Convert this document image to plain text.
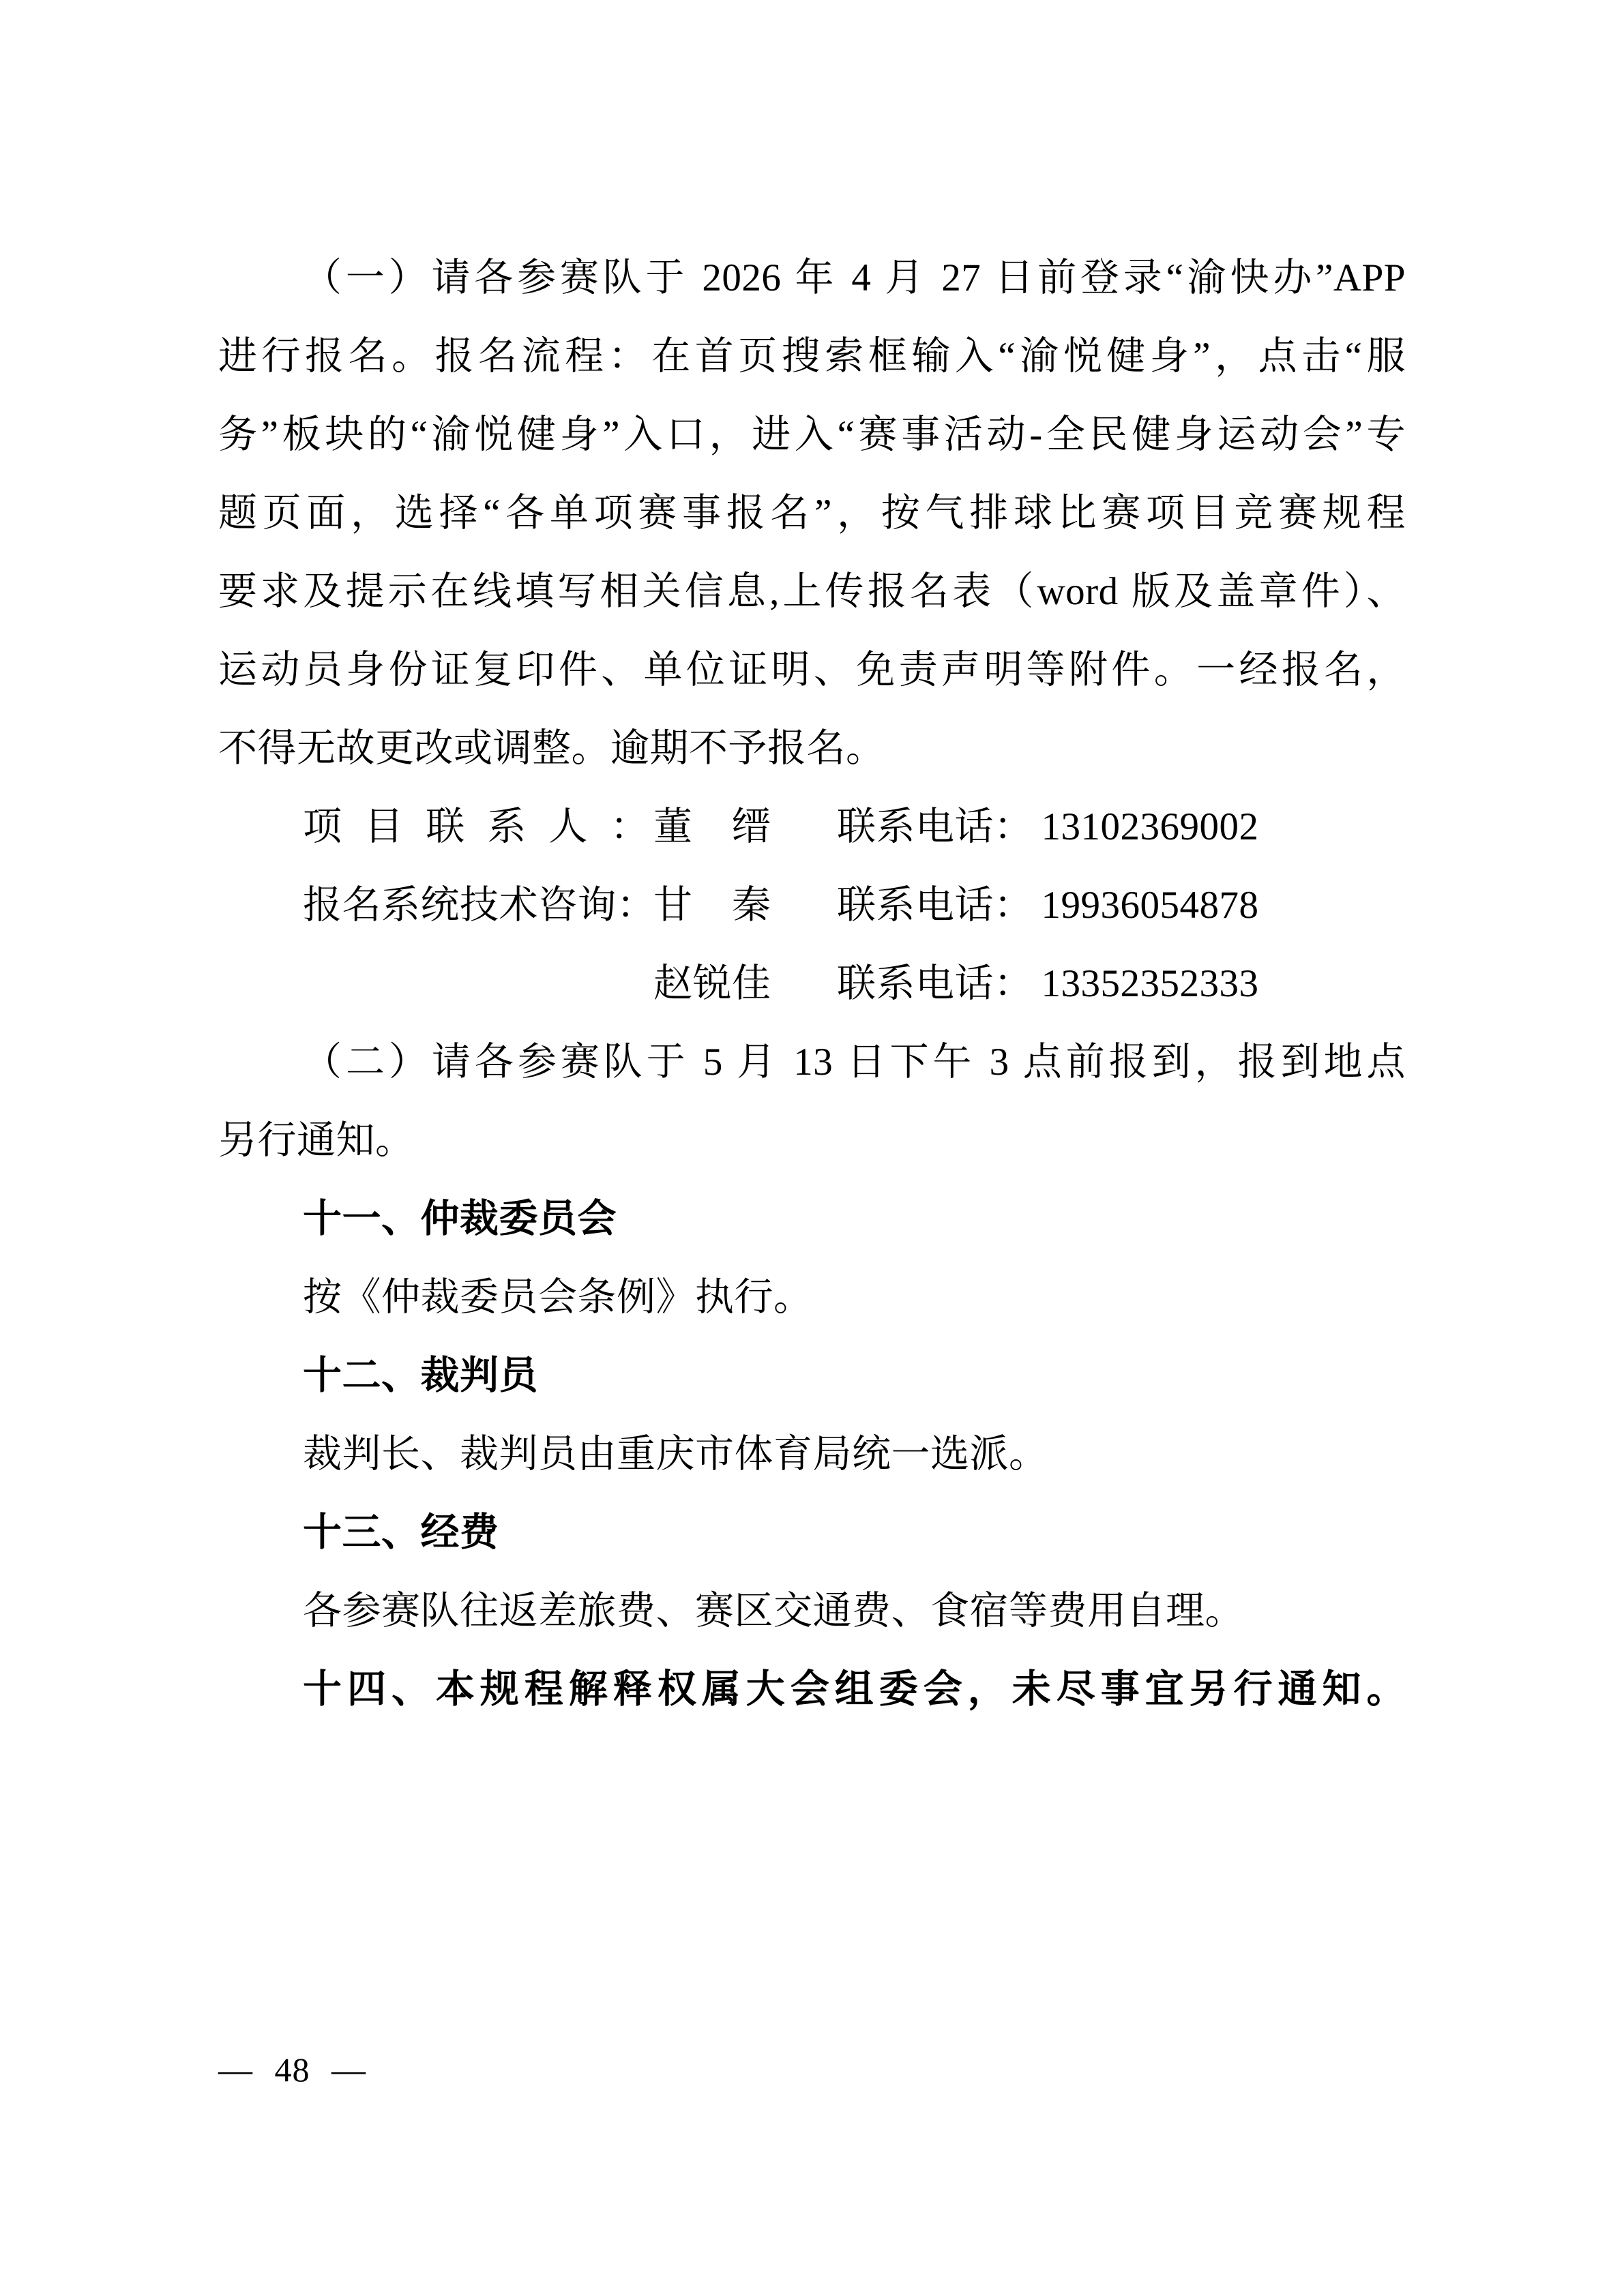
（一）请各参赛队于 2026 年 4 月 27 日前登录“渝快办”APP
进行报名。报名流程：在首页搜索框输入“渝悦健身”，点击“服
务”板块的“渝悦健身”入口，进入“赛事活动-全民健身运动会”专
题页面，选择“各单项赛事报名”，按气排球比赛项目竞赛规程
要求及提示在线填写相关信息,上传报名表（word 版及盖章件）、
运动员身份证复印件、单位证明、免责声明等附件。一经报名，
不得无故更改或调整。逾期不予报名。
项目联系人： 董　缙 联系电话： 13102369002
报名系统技术咨询：甘　秦 联系电话： 19936054878
赵锐佳 联系电话： 13352352333
（二）请各参赛队于 5 月 13 日下午 3 点前报到，报到地点
另行通知。
十一、仲裁委员会
按《仲裁委员会条例》执行。
十二、裁判员
裁判长、裁判员由重庆市体育局统一选派。
十三、经费
各参赛队往返差旅费、赛区交通费、食宿等费用自理。
十四、本规程解释权属大会组委会，未尽事宜另行通知。
— 48 —
